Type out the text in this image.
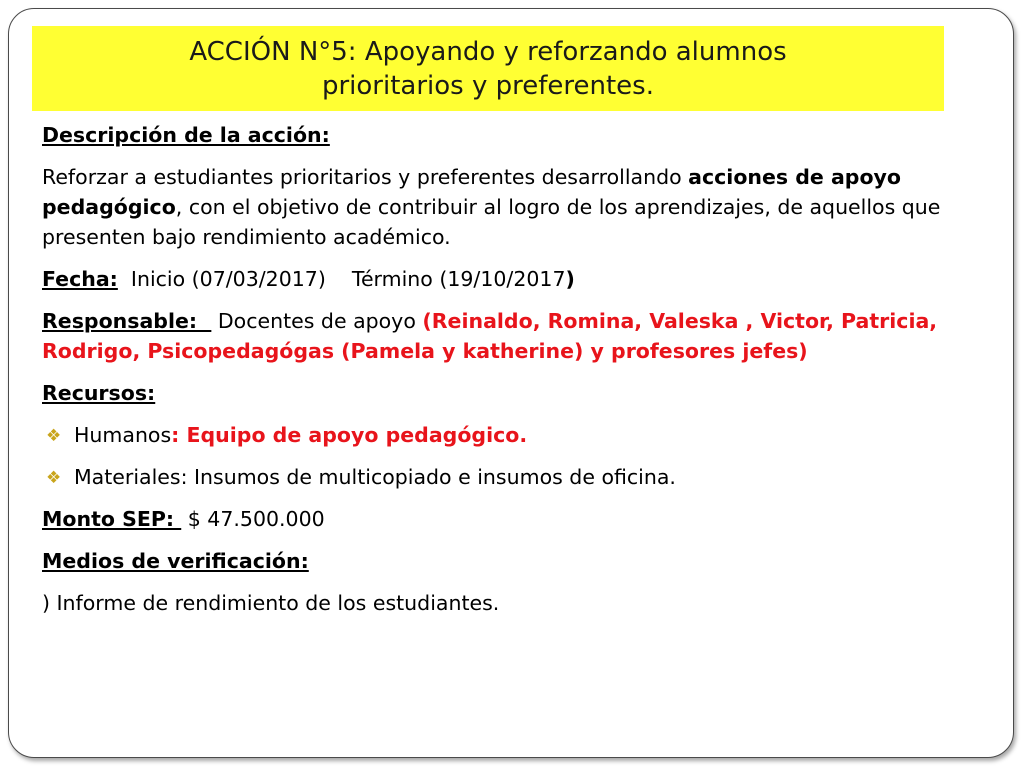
ACCIÓN N°5: Apoyando y reforzando alumnos
prioritarios y preferentes.

Descripción de la acción:

Reforzar a estudiantes prioritarios y preferentes desarrollando acciones de apoyo pedagógico, con el objetivo de contribuir al logro de los aprendizajes, de aquellos que presenten bajo rendimiento académico.

Fecha: Inicio (07/03/2017) Término (19/10/2017)

Responsable:   Docentes de apoyo (Reinaldo, Romina, Valeska , Victor, Patricia, Rodrigo, Psicopedagógas (Pamela y katherine) y profesores jefes)

Recursos:

❖ Humanos: Equipo de apoyo pedagógico.

❖ Materiales: Insumos de multicopiado e insumos de oficina.

Monto SEP:  $ 47.500.000

Medios de verificación:

) Informe de rendimiento de los estudiantes.
